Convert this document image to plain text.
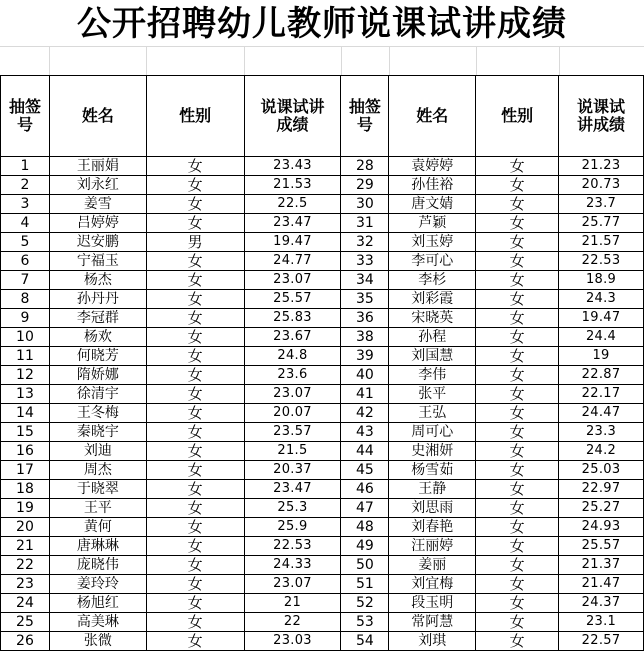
公开招聘幼儿教师说课试讲成绩
抽签号	姓名	性别	说课试讲成绩	抽签号	姓名	性别	说课试讲成绩

1	王丽娟	女	23.43	28	袁婷婷	女	21.23
2	刘永红	女	21.53	29	孙佳裕	女	20.73
3	姜雪	女	22.5	30	唐文婧	女	23.7
4	吕婷婷	女	23.47	31	芦颖	女	25.77
5	迟安鹏	男	19.47	32	刘玉婷	女	21.57
6	宁福玉	女	24.77	33	李可心	女	22.53
7	杨杰	女	23.07	34	李杉	女	18.9
8	孙丹丹	女	25.57	35	刘彩霞	女	24.3
9	李冠群	女	25.83	36	宋晓英	女	19.47
10	杨欢	女	23.67	38	孙程	女	24.4
11	何晓芳	女	24.8	39	刘国慧	女	19
12	隋娇娜	女	23.6	40	李伟	女	22.87
13	徐清宇	女	23.07	41	张平	女	22.17
14	王冬梅	女	20.07	42	王弘	女	24.47
15	秦晓宇	女	23.57	43	周可心	女	23.3
16	刘迪	女	21.5	44	史湘妍	女	24.2
17	周杰	女	20.37	45	杨雪茹	女	25.03
18	于晓翠	女	23.47	46	王静	女	22.97
19	王平	女	25.3	47	刘思雨	女	25.27
20	黄何	女	25.9	48	刘春艳	女	24.93
21	唐琳琳	女	22.53	49	汪丽婷	女	25.57
22	庞晓伟	女	24.33	50	姜丽	女	21.37
23	姜玲玲	女	23.07	51	刘宜梅	女	21.47
24	杨旭红	女	21	52	段玉明	女	24.37
25	高美琳	女	22	53	常阿慧	女	23.1
26	张微	女	23.03	54	刘琪	女	22.57
